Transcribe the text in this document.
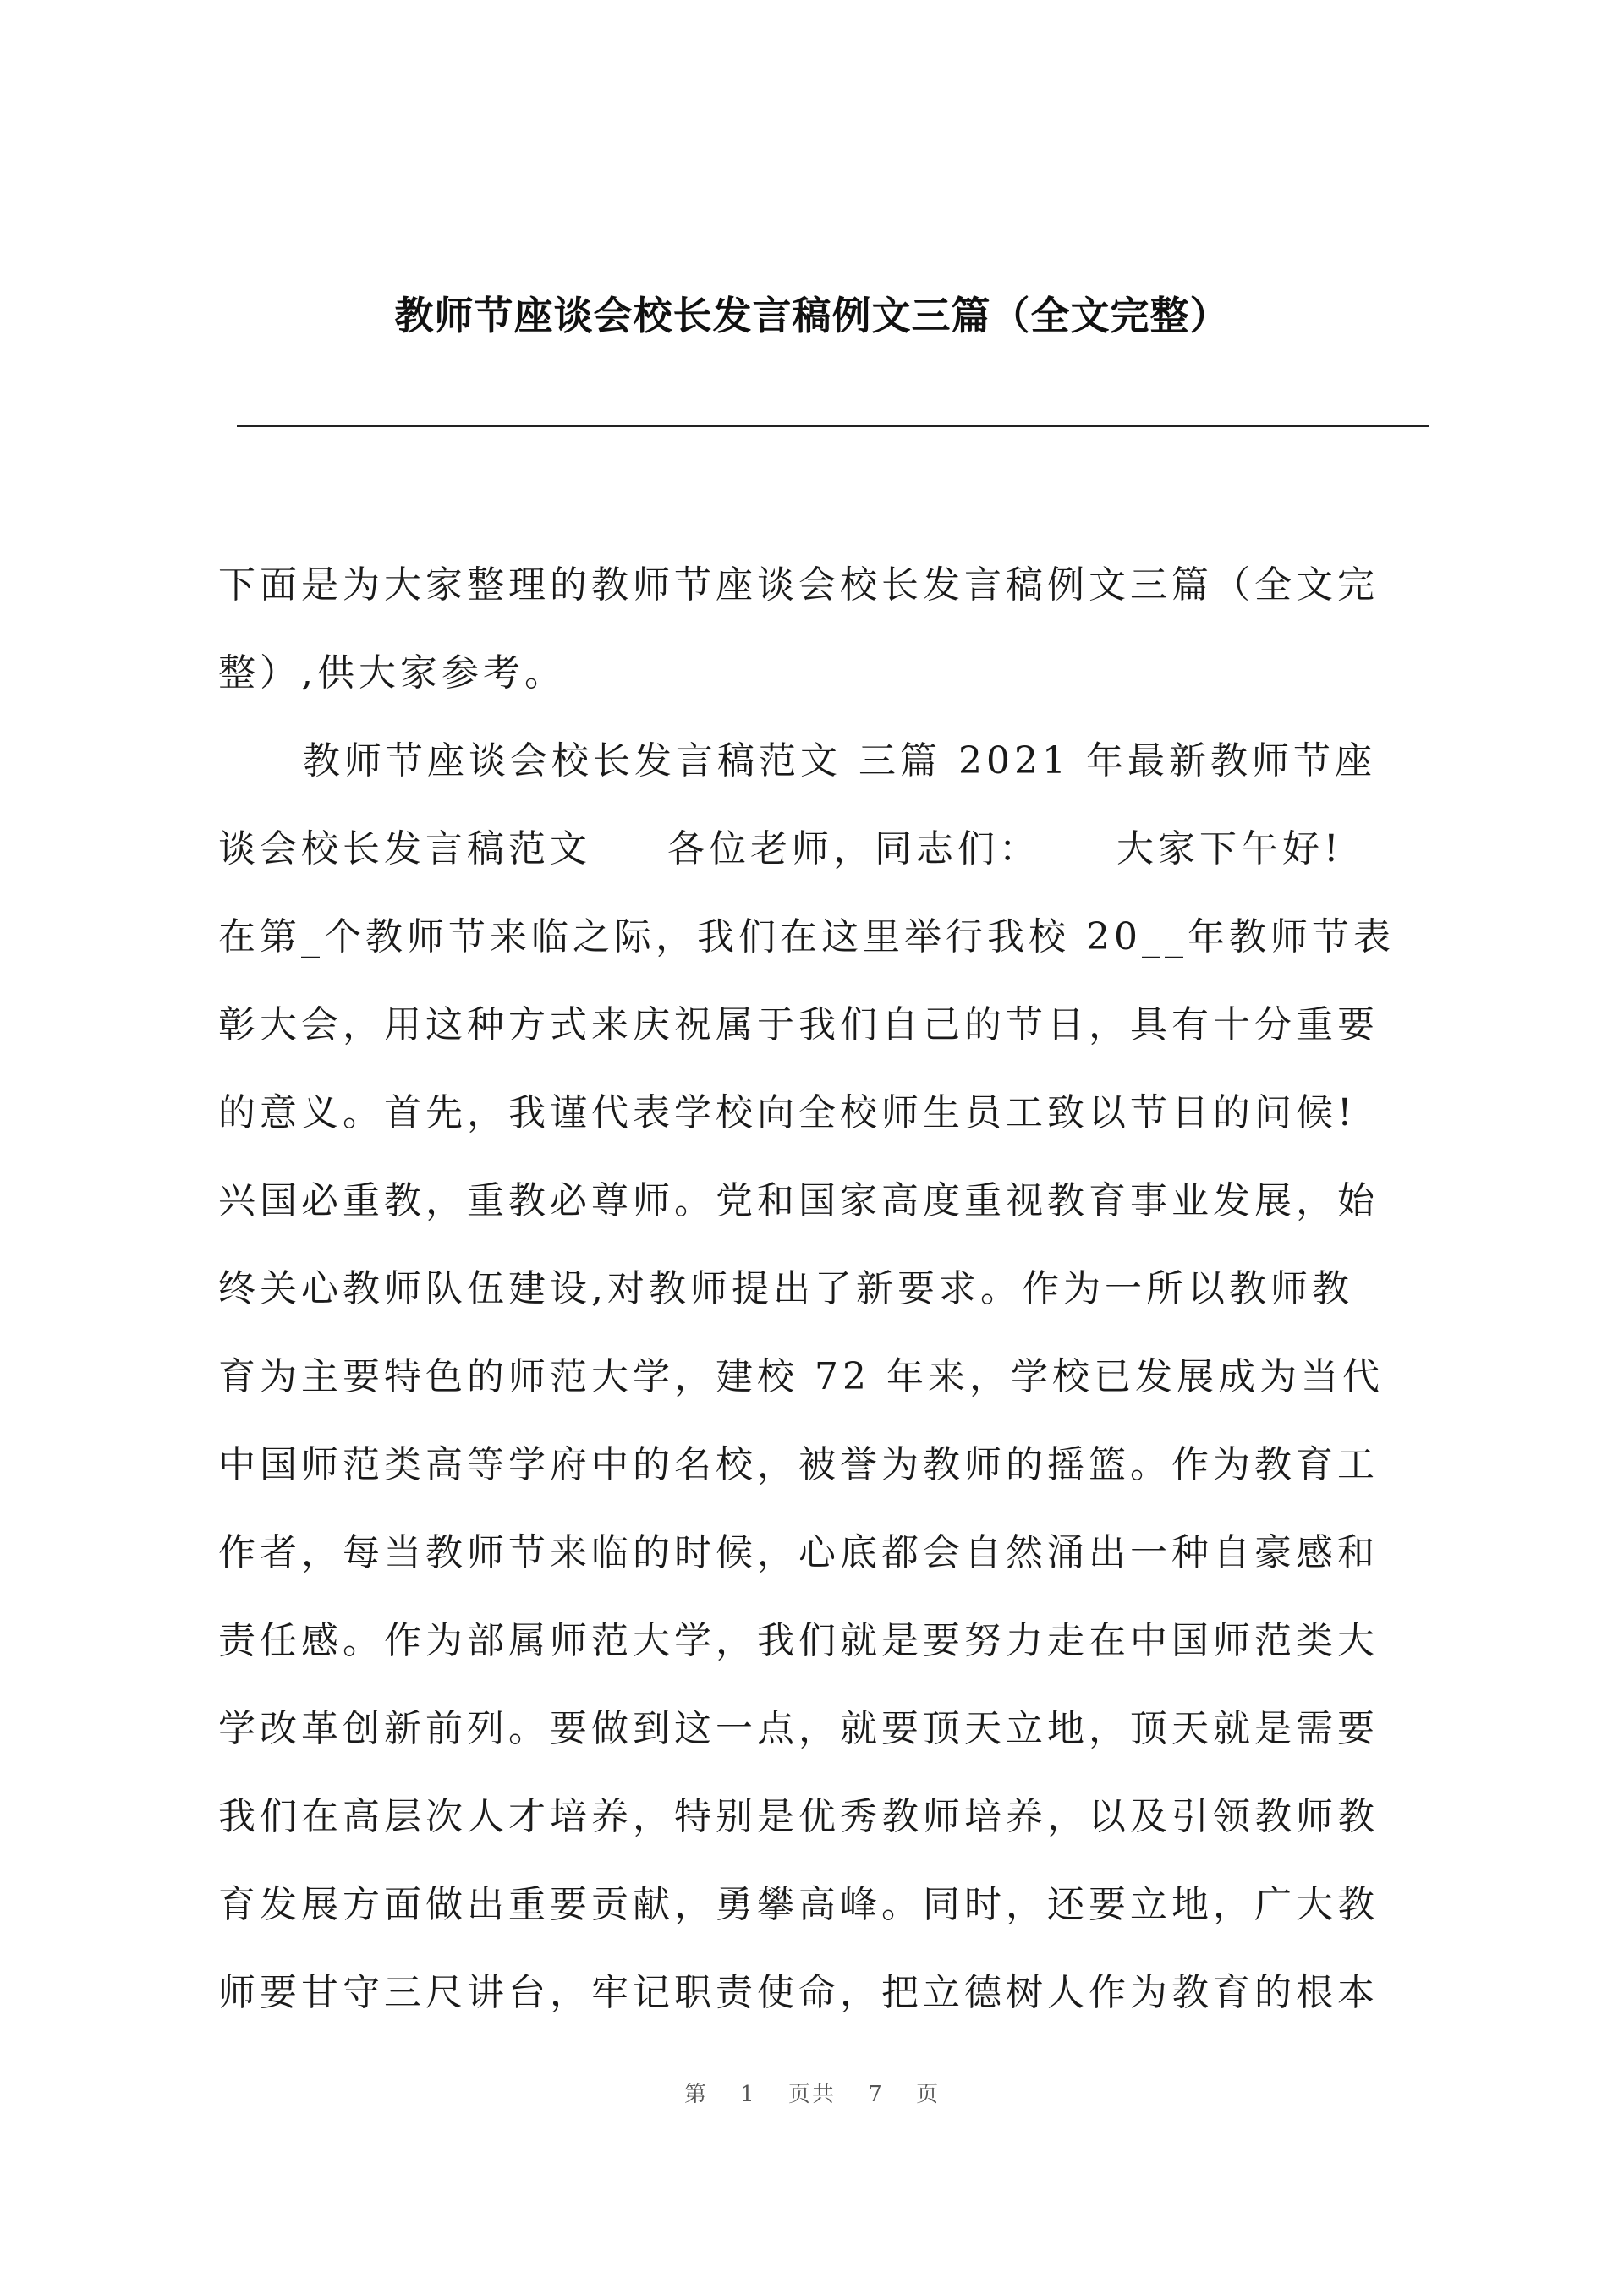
教师节座谈会校长发言稿例文三篇（全文完整）
下面是为大家整理的教师节座谈会校长发言稿例文三篇（全文完
整）,供大家参考。
教师节座谈会校长发言稿范文 三篇 2021 年最新教师节座
谈会校长发言稿范文 各位老师，同志们： 大家下午好!
在第_个教师节来临之际，我们在这里举行我校 20__年教师节表
彰大会，用这种方式来庆祝属于我们自己的节日，具有十分重要
的意义。首先，我谨代表学校向全校师生员工致以节日的问候!
兴国必重教，重教必尊师。党和国家高度重视教育事业发展，始
终关心教师队伍建设,对教师提出了新要求。作为一所以教师教
育为主要特色的师范大学，建校 72 年来，学校已发展成为当代
中国师范类高等学府中的名校，被誉为教师的摇篮。作为教育工
作者，每当教师节来临的时候，心底都会自然涌出一种自豪感和
责任感。作为部属师范大学，我们就是要努力走在中国师范类大
学改革创新前列。要做到这一点，就要顶天立地，顶天就是需要
我们在高层次人才培养，特别是优秀教师培养，以及引领教师教
育发展方面做出重要贡献，勇攀高峰。同时，还要立地，广大教
师要甘守三尺讲台，牢记职责使命，把立德树人作为教育的根本
第 1 页共 7 页
